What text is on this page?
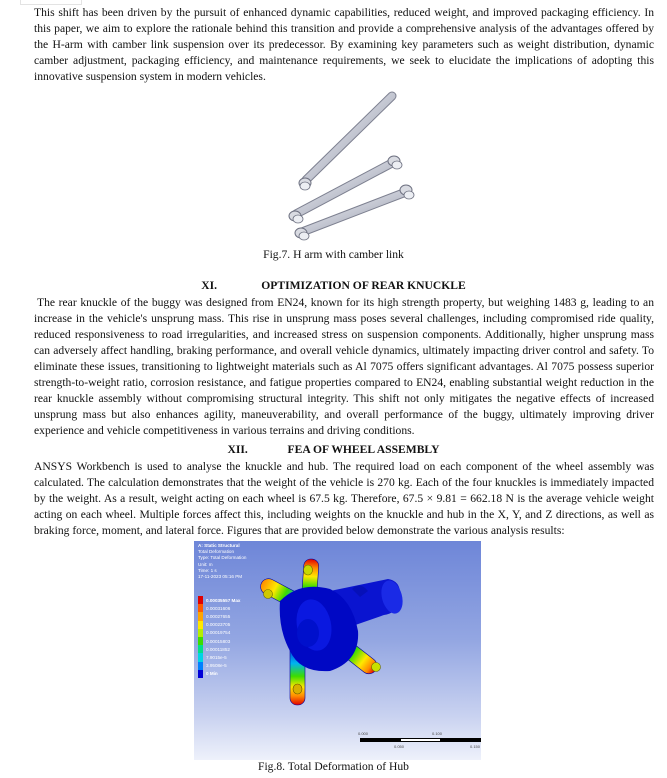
This shift has been driven by the pursuit of enhanced dynamic capabilities, reduced weight, and improved packaging efficiency. In this paper, we aim to explore the rationale behind this transition and provide a comprehensive analysis of the advantages offered by the H-arm with camber link suspension over its predecessor. By examining key parameters such as weight distribution, dynamic camber adjustment, packaging efficiency, and maintenance requirements, we seek to elucidate the implications of adopting this innovative suspension system in modern vehicles.

Fig.7. H arm with camber link
XI.	OPTIMIZATION OF REAR KNUCKLE

The rear knuckle of the buggy was designed from EN24, known for its high strength property, but weighing 1483 g, leading to an increase in the vehicle's unsprung mass. This rise in unsprung mass poses several challenges, including compromised ride quality, reduced responsiveness to road irregularities, and increased stress on suspension components. Additionally, higher unsprung mass can adversely affect handling, braking performance, and overall vehicle dynamics, ultimately impacting driver control and safety. To eliminate these issues, transitioning to lightweight materials such as Al 7075 offers significant advantages. Al 7075 possess superior strength-to-weight ratio, corrosion resistance, and fatigue properties compared to EN24, enabling substantial weight reduction in the rear knuckle assembly without compromising structural integrity. This shift not only mitigates the negative effects of increased unsprung mass but also enhances agility, maneuverability, and overall performance of the buggy, ultimately improving driver experience and vehicle competitiveness in various terrains and driving conditions.

XII.	FEA OF WHEEL ASSEMBLY

ANSYS Workbench is used to analyse the knuckle and hub. The required load on each component of the wheel assembly was calculated. The calculation demonstrates that the weight of the vehicle is 270 kg. Each of the four knuckles is immediately impacted by the weight. As a result, weight acting on each wheel is 67.5 kg. Therefore, 67.5 × 9.81 = 662.18 N is the average vehicle weight acting on each wheel. Multiple forces affect this, including weights on the knuckle and hub in the X, Y, and Z directions, as well as braking force, moment, and lateral force. Figures that are provided below demonstrate the various analysis results:

A: Static Structural
Total Deformation
Type: Total Deformation
Unit: m
Time: 1 s
17-11-2023 05:16 PM
0.00035557 Max
0.00031606
0.00027655
0.00023705
0.00019754
0.00015803
0.00011852
7.9015e-5
3.9508e-5
0 Min
0.000	0.100
0.050	0.150
Fig.8. Total Deformation of Hub
